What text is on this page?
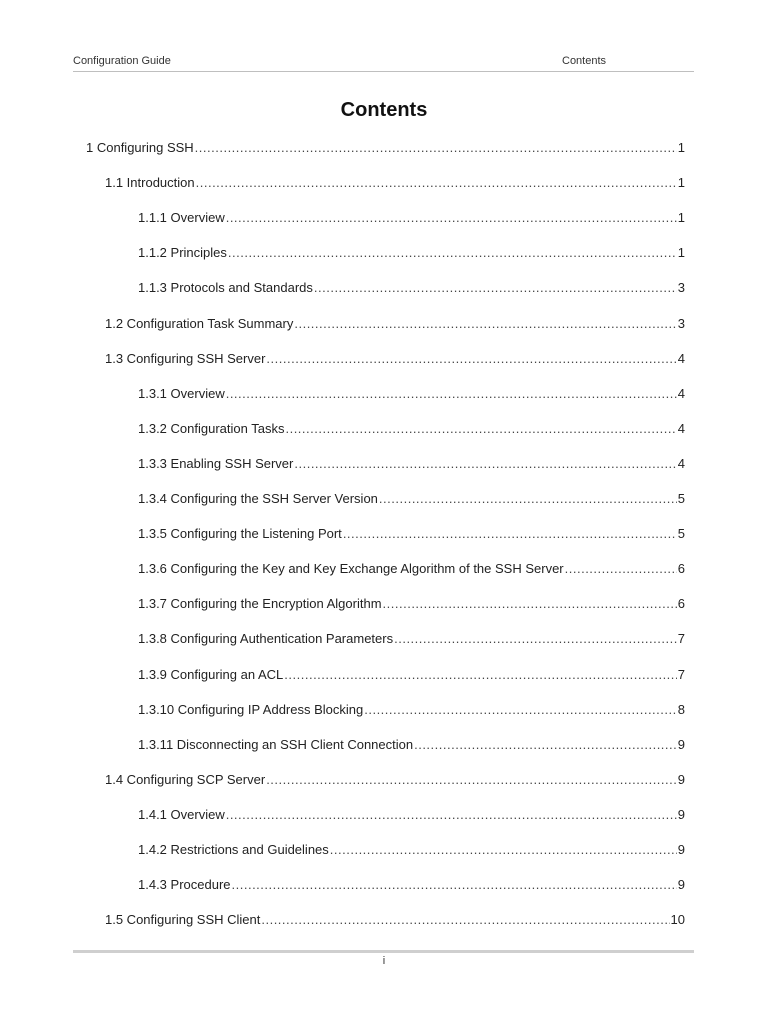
Configuration Guide	Contents
Contents
1 Configuring SSH .....	1
1.1 Introduction .....	1
1.1.1 Overview .....	1
1.1.2 Principles .....	1
1.1.3 Protocols and Standards .....	3
1.2 Configuration Task Summary .....	3
1.3 Configuring SSH Server .....	4
1.3.1 Overview .....	4
1.3.2 Configuration Tasks .....	4
1.3.3 Enabling SSH Server .....	4
1.3.4 Configuring the SSH Server Version .....	5
1.3.5 Configuring the Listening Port .....	5
1.3.6 Configuring the Key and Key Exchange Algorithm of the SSH Server .....	6
1.3.7 Configuring the Encryption Algorithm .....	6
1.3.8 Configuring Authentication Parameters .....	7
1.3.9 Configuring an ACL .....	7
1.3.10 Configuring IP Address Blocking .....	8
1.3.11 Disconnecting an SSH Client Connection .....	9
1.4 Configuring SCP Server .....	9
1.4.1 Overview .....	9
1.4.2 Restrictions and Guidelines .....	9
1.4.3 Procedure .....	9
1.5 Configuring SSH Client .....	10
i
